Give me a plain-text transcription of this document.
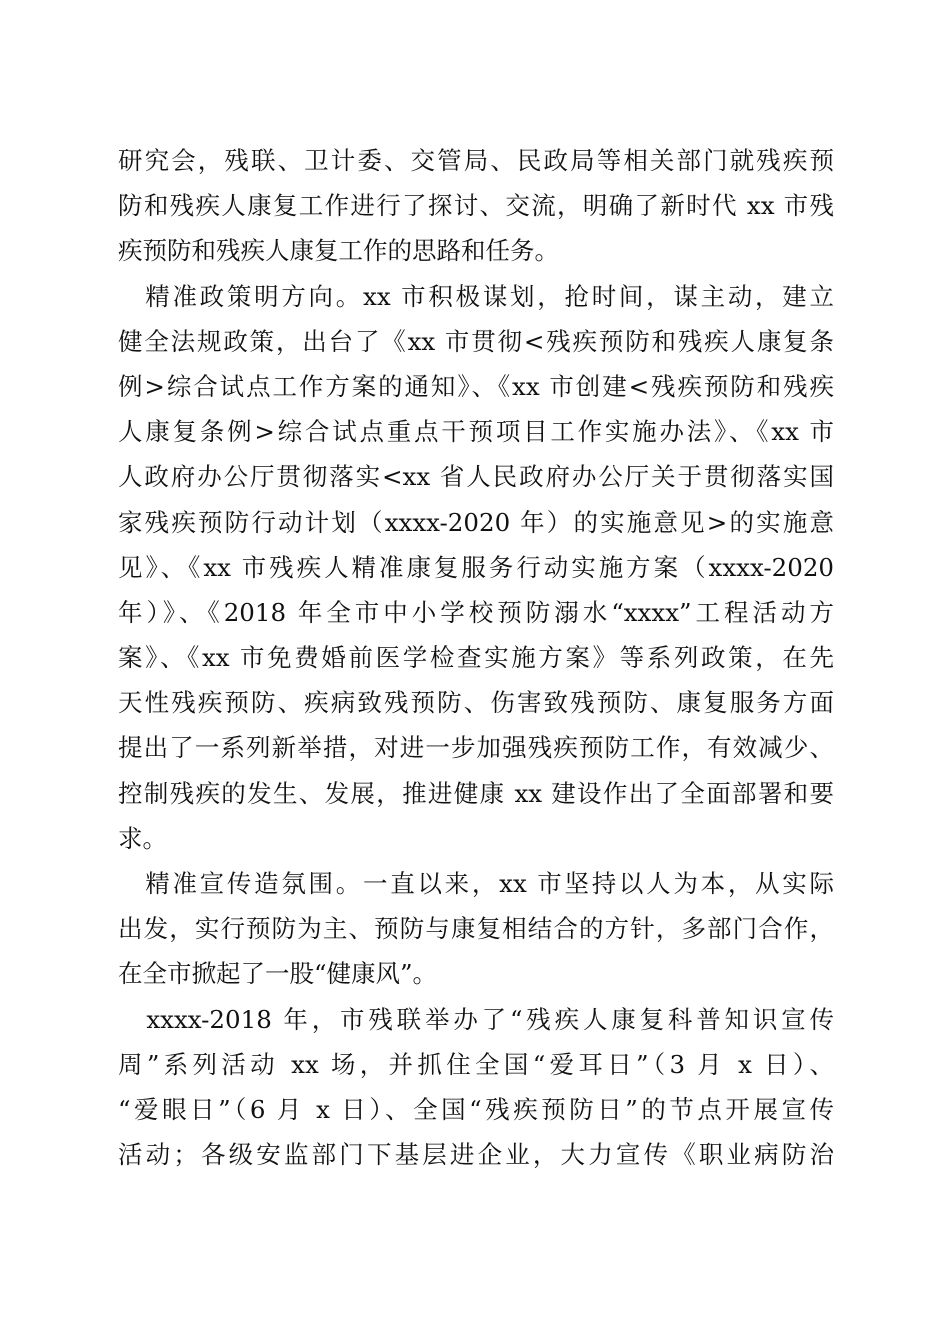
研究会，残联、卫计委、交管局、民政局等相关部门就残疾预
防和残疾人康复工作进行了探讨、交流，明确了新时代 xx 市残
疾预防和残疾人康复工作的思路和任务。
　精准政策明方向。xx 市积极谋划，抢时间，谋主动，建立
健全法规政策，出台了《xx 市贯彻<残疾预防和残疾人康复条
例>综合试点工作方案的通知》、《xx 市创建<残疾预防和残疾
人康复条例>综合试点重点干预项目工作实施办法》、《xx 市
人政府办公厅贯彻落实<xx 省人民政府办公厅关于贯彻落实国
家残疾预防行动计划（xxxx-2020 年）的实施意见>的实施意
见》、《xx 市残疾人精准康复服务行动实施方案（xxxx-2020
年）》、《2018 年全市中小学校预防溺水“xxxx”工程活动方
案》、《xx 市免费婚前医学检查实施方案》等系列政策，在先
天性残疾预防、疾病致残预防、伤害致残预防、康复服务方面
提出了一系列新举措，对进一步加强残疾预防工作，有效减少、
控制残疾的发生、发展，推进健康 xx 建设作出了全面部署和要
求。
　精准宣传造氛围。一直以来，xx 市坚持以人为本，从实际
出发，实行预防为主、预防与康复相结合的方针，多部门合作，
在全市掀起了一股“健康风”。
　xxxx-2018 年，市残联举办了“残疾人康复科普知识宣传
周”系列活动 xx 场，并抓住全国“爱耳日”（3 月 x 日）、
“爱眼日”（6 月 x 日）、全国“残疾预防日”的节点开展宣传
活动；各级安监部门下基层进企业，大力宣传《职业病防治
